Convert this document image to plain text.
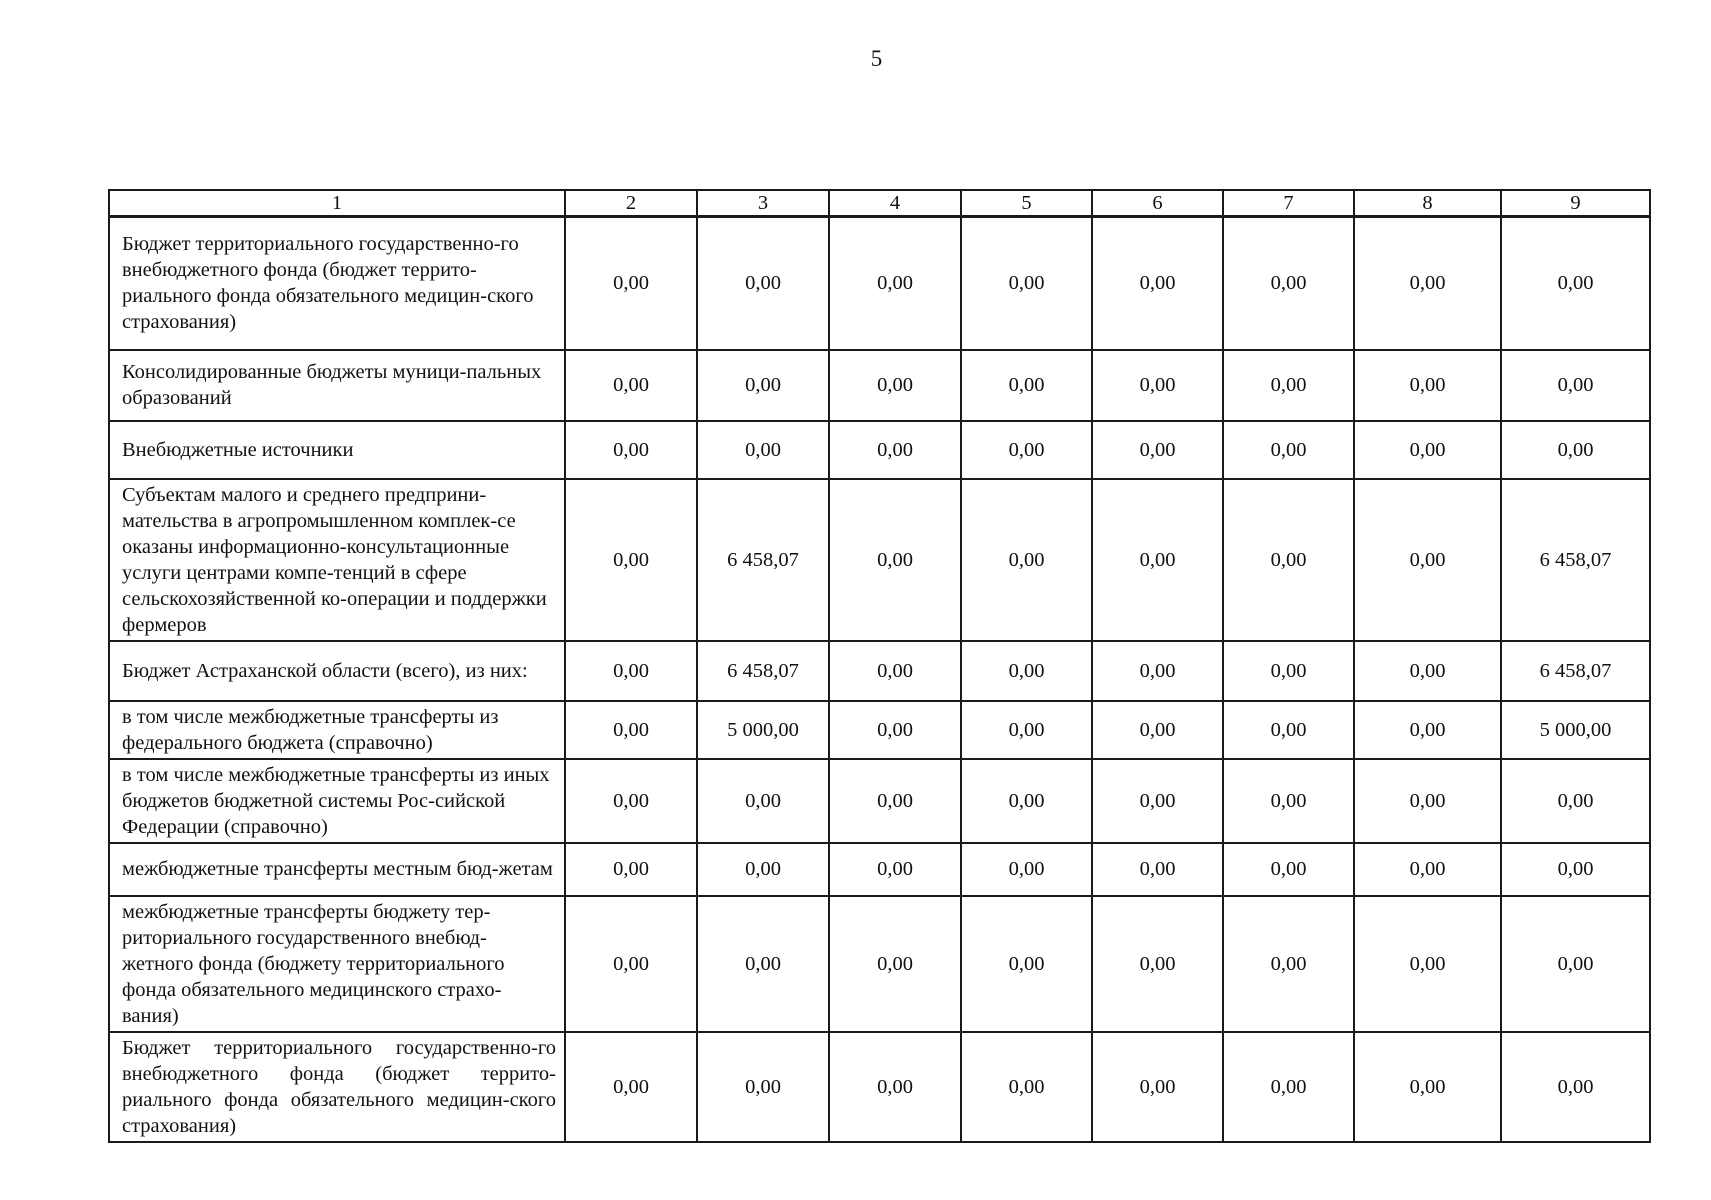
5
1	2	3	4	5	6	7	8	9
Бюджет территориального государственно-го внебюджетного фонда (бюджет террито-риального фонда обязательного медицин-ского страхования)	0,00	0,00	0,00	0,00	0,00	0,00	0,00	0,00
Консолидированные бюджеты муници-пальных образований	0,00	0,00	0,00	0,00	0,00	0,00	0,00	0,00
Внебюджетные источники	0,00	0,00	0,00	0,00	0,00	0,00	0,00	0,00
Субъектам малого и среднего предприни-мательства в агропромышленном комплек-се оказаны информационно-консультационные услуги центрами компе-тенций в сфере сельскохозяйственной ко-операции и поддержки фермеров	0,00	6 458,07	0,00	0,00	0,00	0,00	0,00	6 458,07
Бюджет Астраханской области (всего), из них:	0,00	6 458,07	0,00	0,00	0,00	0,00	0,00	6 458,07
в том числе межбюджетные трансферты из федерального бюджета (справочно)	0,00	5 000,00	0,00	0,00	0,00	0,00	0,00	5 000,00
в том числе межбюджетные трансферты из иных бюджетов бюджетной системы Рос-сийской Федерации (справочно)	0,00	0,00	0,00	0,00	0,00	0,00	0,00	0,00
межбюджетные трансферты местным бюд-жетам	0,00	0,00	0,00	0,00	0,00	0,00	0,00	0,00
межбюджетные трансферты бюджету тер-риториального государственного внебюд-жетного фонда (бюджету территориального фонда обязательного медицинского страхо-вания)	0,00	0,00	0,00	0,00	0,00	0,00	0,00	0,00
Бюджет территориального государственно-го внебюджетного фонда (бюджет террито-риального фонда обязательного медицин-ского страхования)	0,00	0,00	0,00	0,00	0,00	0,00	0,00	0,00
